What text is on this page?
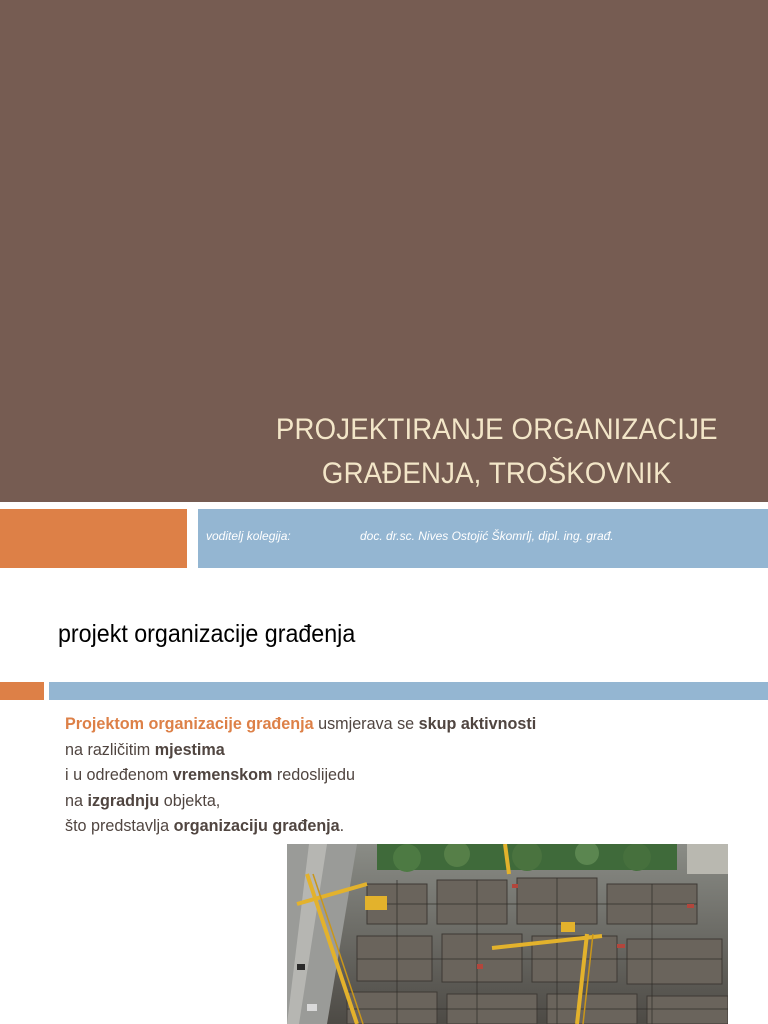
PROJEKTIRANJE ORGANIZACIJE
GRAĐENJA, TROŠKOVNIK
voditelj kolegija:	doc. dr.sc. Nives Ostojić Škomrlj, dipl. ing. građ.
projekt organizacije građenja
Projektom organizacije građenja usmjerava se skup aktivnosti
na različitim mjestima
i u određenom vremenskom redoslijedu
na izgradnju objekta,
što predstavlja organizaciju građenja.
